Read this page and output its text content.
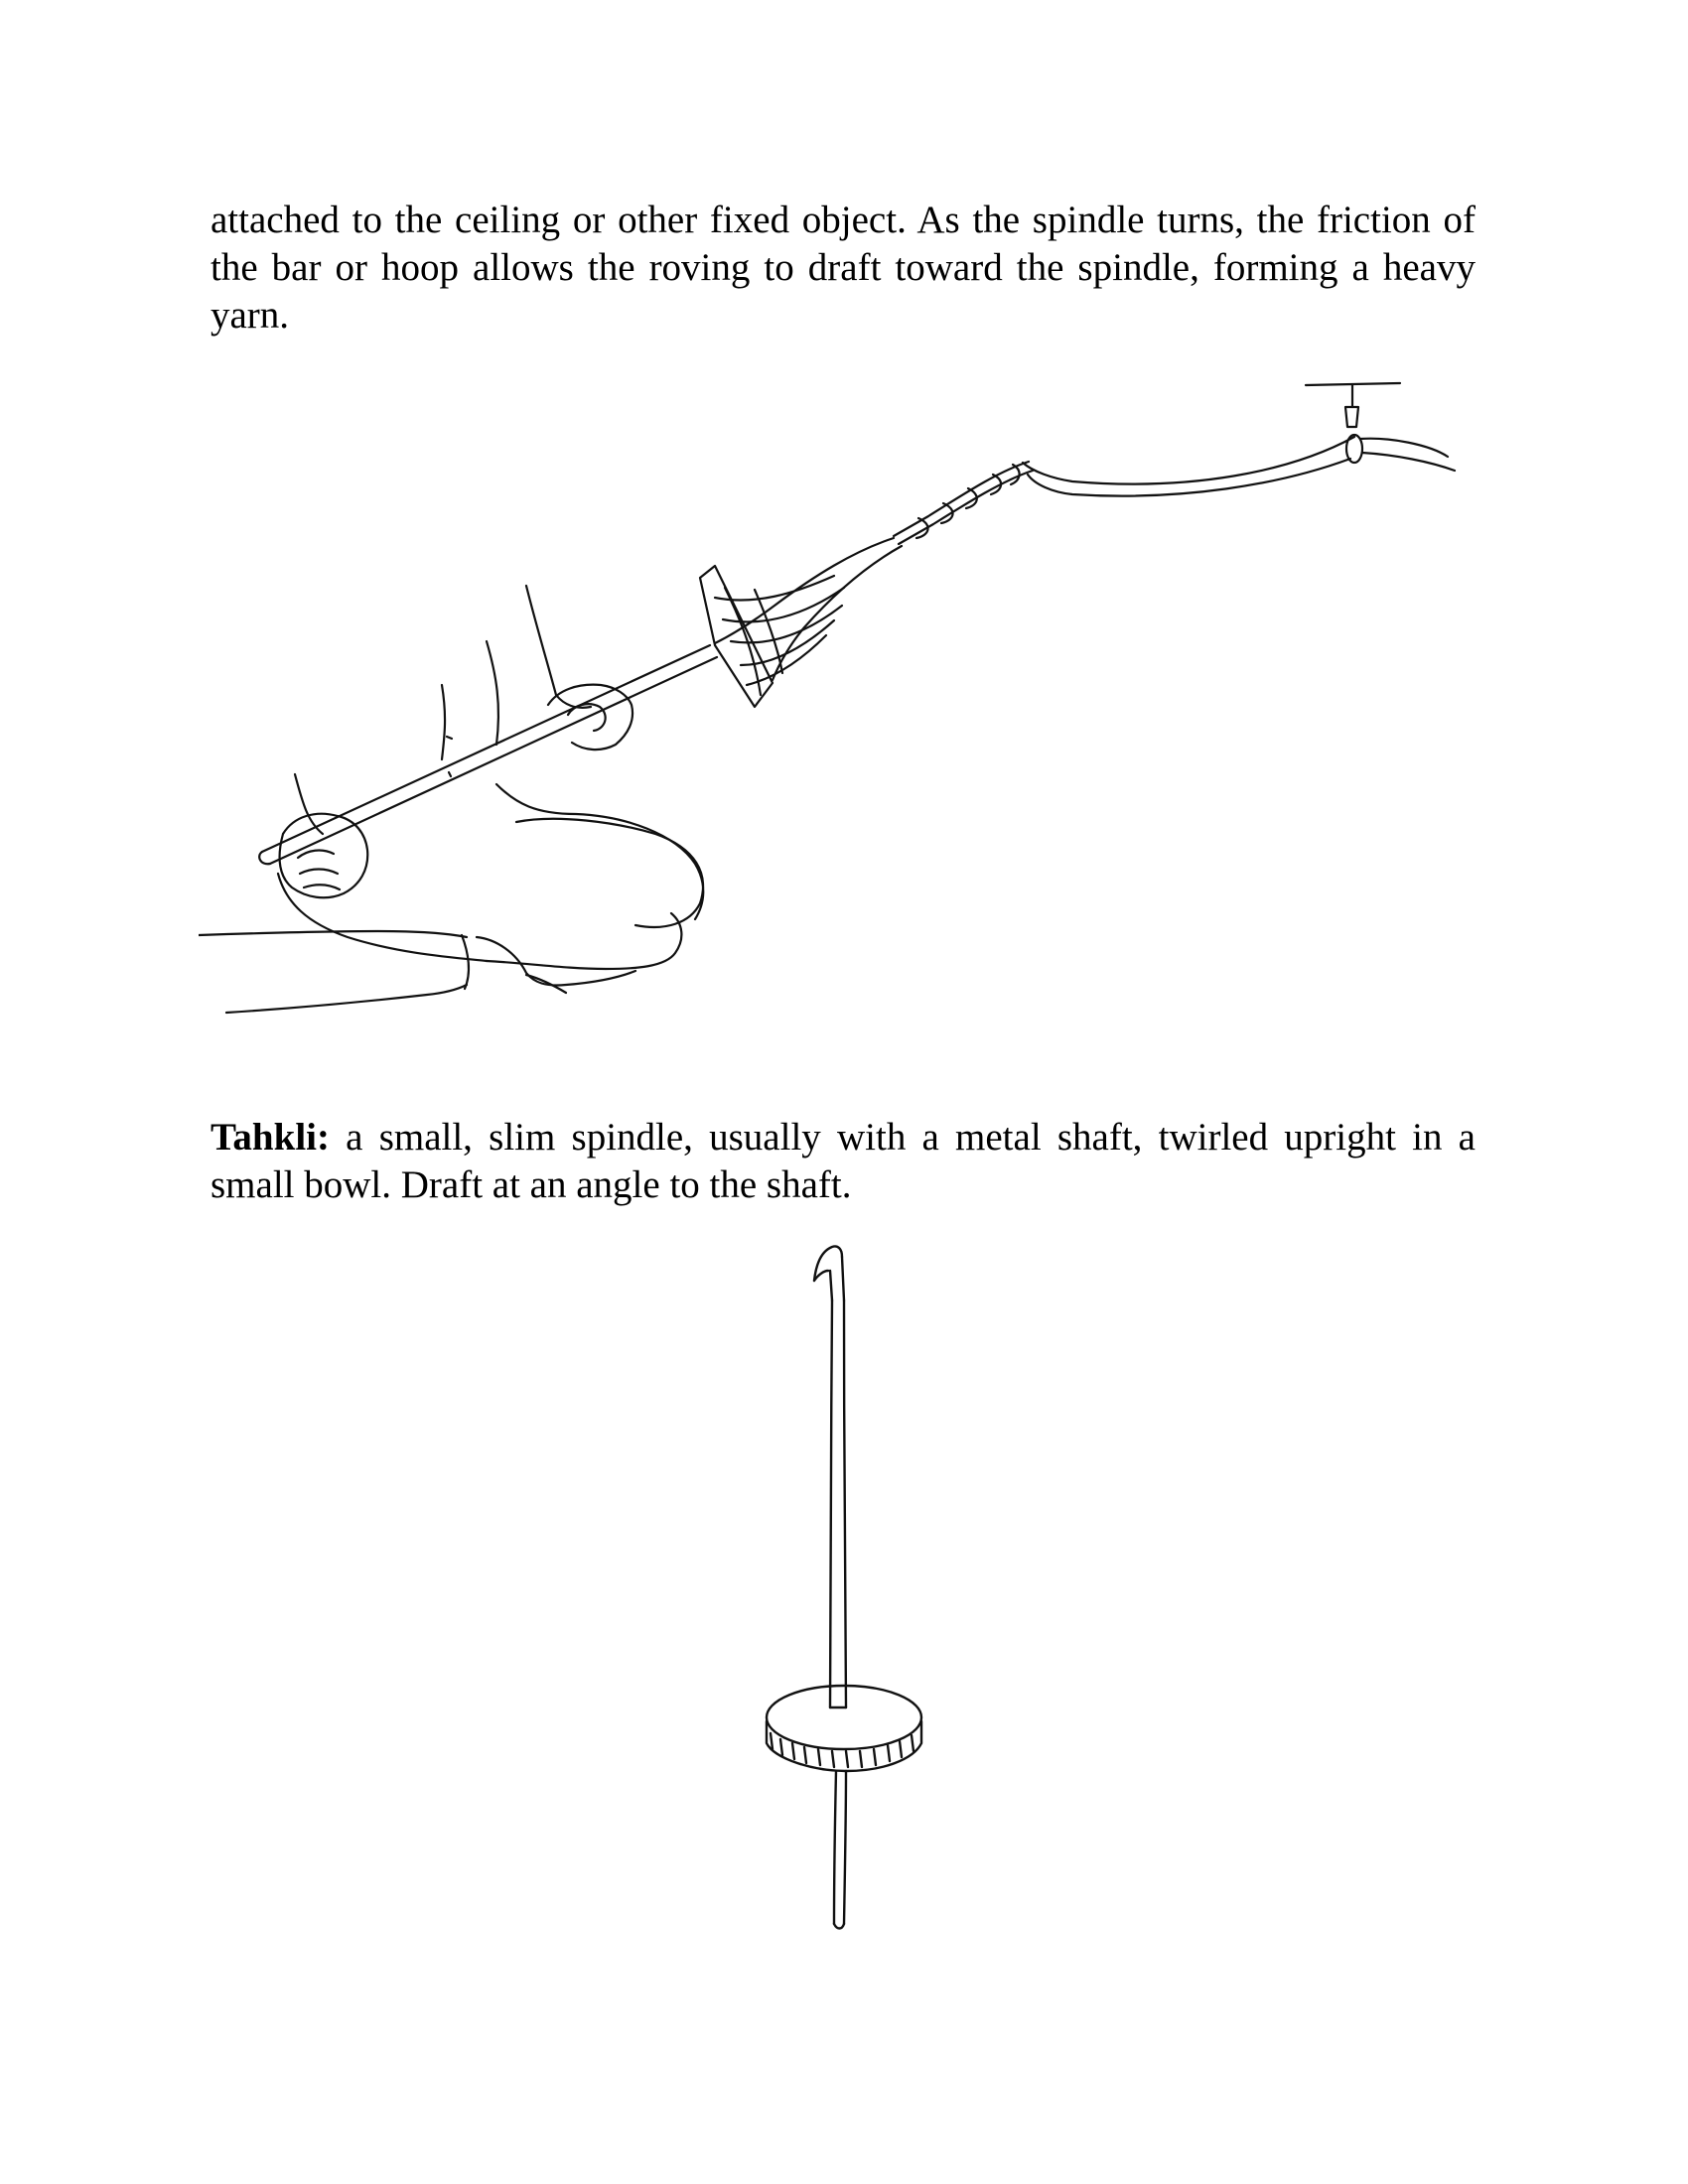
attached to the ceiling or other fixed object. As the spindle turns, the friction of the bar or hoop allows the roving to draft toward the spindle, forming a heavy yarn.

Tahkli: a small, slim spindle, usually with a metal shaft, twirled upright in a small bowl. Draft at an angle to the shaft.
